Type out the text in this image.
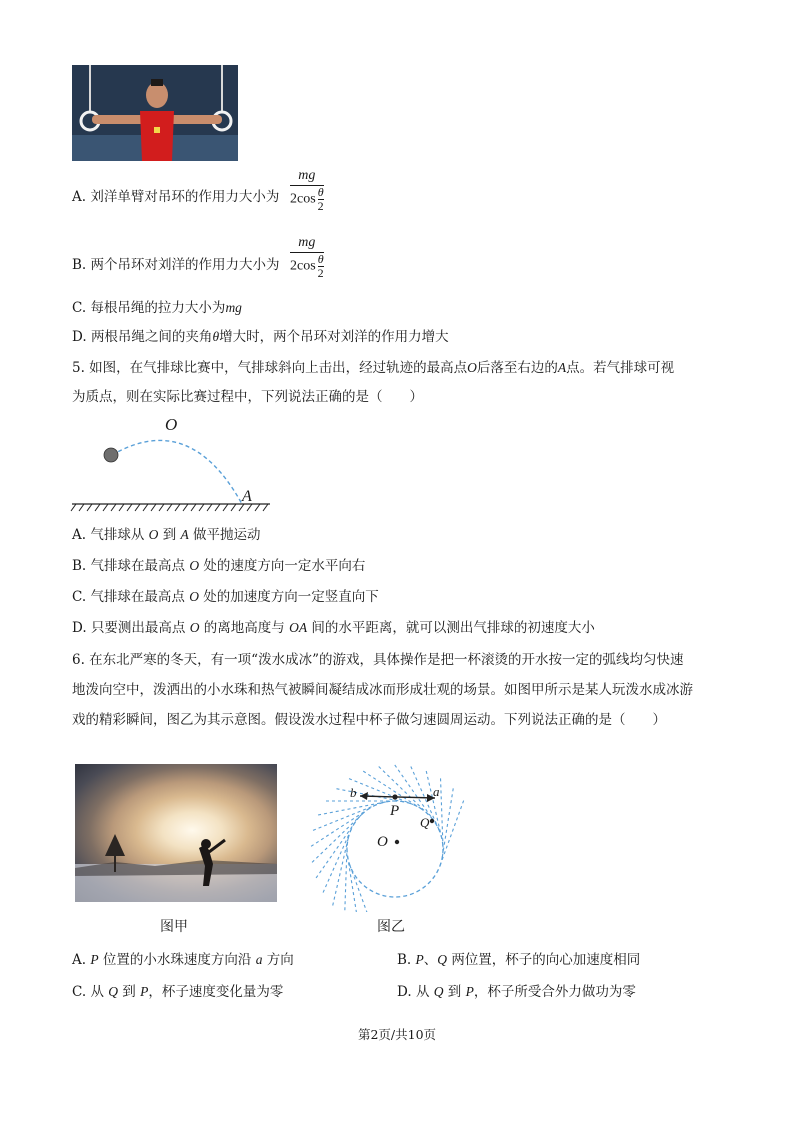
A. 刘洋单臂对吊环的作用力大小为
mg
$2\cos \frac{\theta}{2}$
B. 两个吊环对刘洋的作用力大小为
mg
$2\cos \frac{\theta}{2}$
C. 每根吊绳的拉力大小为mg
D. 两根吊绳之间的夹角θ增大时，两个吊环对刘洋的作用力增大
5. 如图，在气排球比赛中，气排球斜向上击出，经过轨迹的最高点O后落至右边的A点。若气排球可视
为质点，则在实际比赛过程中，下列说法正确的是（　　）
O
A
A. 气排球从 O 到 A 做平抛运动
B. 气排球在最高点 O 处的速度方向一定水平向右
C. 气排球在最高点 O 处的加速度方向一定竖直向下
D. 只要测出最高点 O 的离地高度与 OA 间的水平距离，就可以测出气排球的初速度大小
6. 在东北严寒的冬天，有一项“泼水成冰”的游戏，具体操作是把一杯滚烫的开水按一定的弧线均匀快速
地泼向空中，泼洒出的小水珠和热气被瞬间凝结成冰而形成壮观的场景。如图甲所示是某人玩泼水成冰游
戏的精彩瞬间，图乙为其示意图。假设泼水过程中杯子做匀速圆周运动。下列说法正确的是（　　）
图甲
b	a
P
Q
O
图乙
A. P 位置的小水珠速度方向沿 a 方向	B. P、Q 两位置，杯子的向心加速度相同
C. 从 Q 到 P，杯子速度变化量为零	D. 从 Q 到 P，杯子所受合外力做功为零
第2页/共10页
